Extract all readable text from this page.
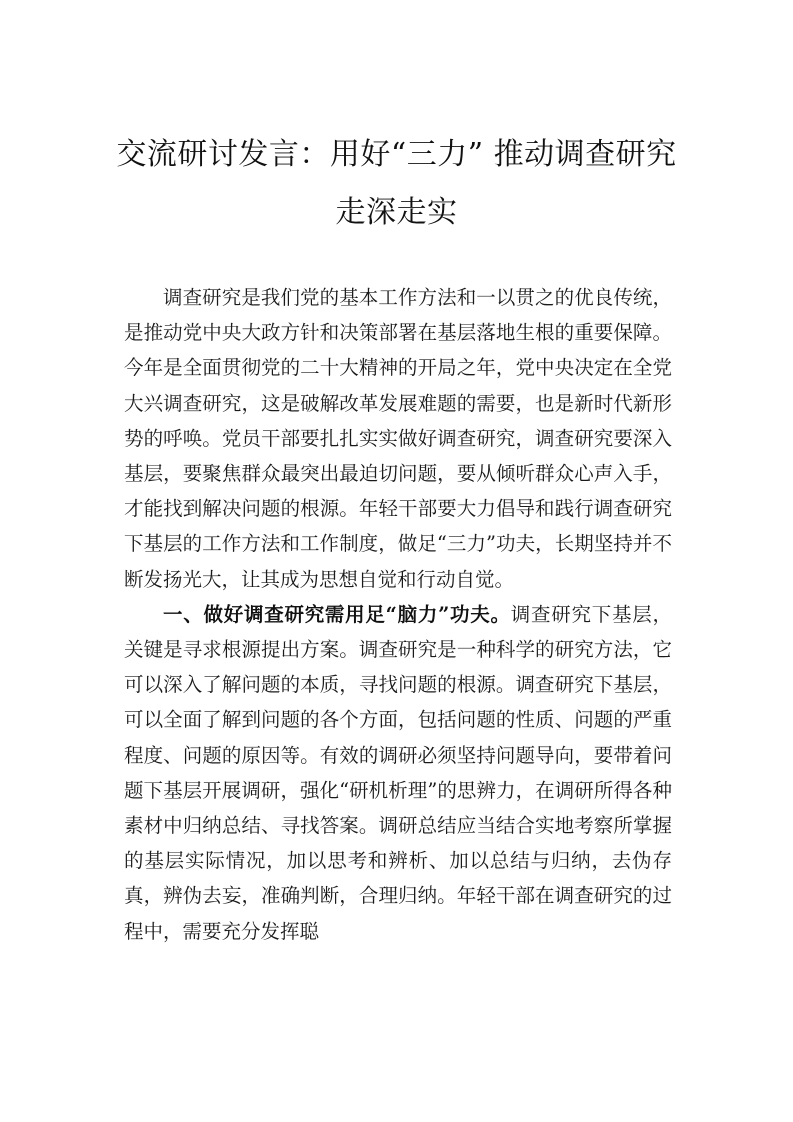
交流研讨发言：用好“三力” 推动调查研究
走深走实

调查研究是我们党的基本工作方法和一以贯之的优良传统，是推动党中央大政方针和决策部署在基层落地生根的重要保障。今年是全面贯彻党的二十大精神的开局之年，党中央决定在全党大兴调查研究，这是破解改革发展难题的需要，也是新时代新形势的呼唤。党员干部要扎扎实实做好调查研究，调查研究要深入基层，要聚焦群众最突出最迫切问题，要从倾听群众心声入手，才能找到解决问题的根源。年轻干部要大力倡导和践行调查研究下基层的工作方法和工作制度，做足“三力”功夫，长期坚持并不断发扬光大，让其成为思想自觉和行动自觉。

一、做好调查研究需用足“脑力”功夫。调查研究下基层，关键是寻求根源提出方案。调查研究是一种科学的研究方法，它可以深入了解问题的本质，寻找问题的根源。调查研究下基层，可以全面了解到问题的各个方面，包括问题的性质、问题的严重程度、问题的原因等。有效的调研必须坚持问题导向，要带着问题下基层开展调研，强化“研机析理”的思辨力，在调研所得各种素材中归纳总结、寻找答案。调研总结应当结合实地考察所掌握的基层实际情况，加以思考和辨析、加以总结与归纳，去伪存真，辨伪去妄，准确判断，合理归纳。年轻干部在调查研究的过程中，需要充分发挥聪
